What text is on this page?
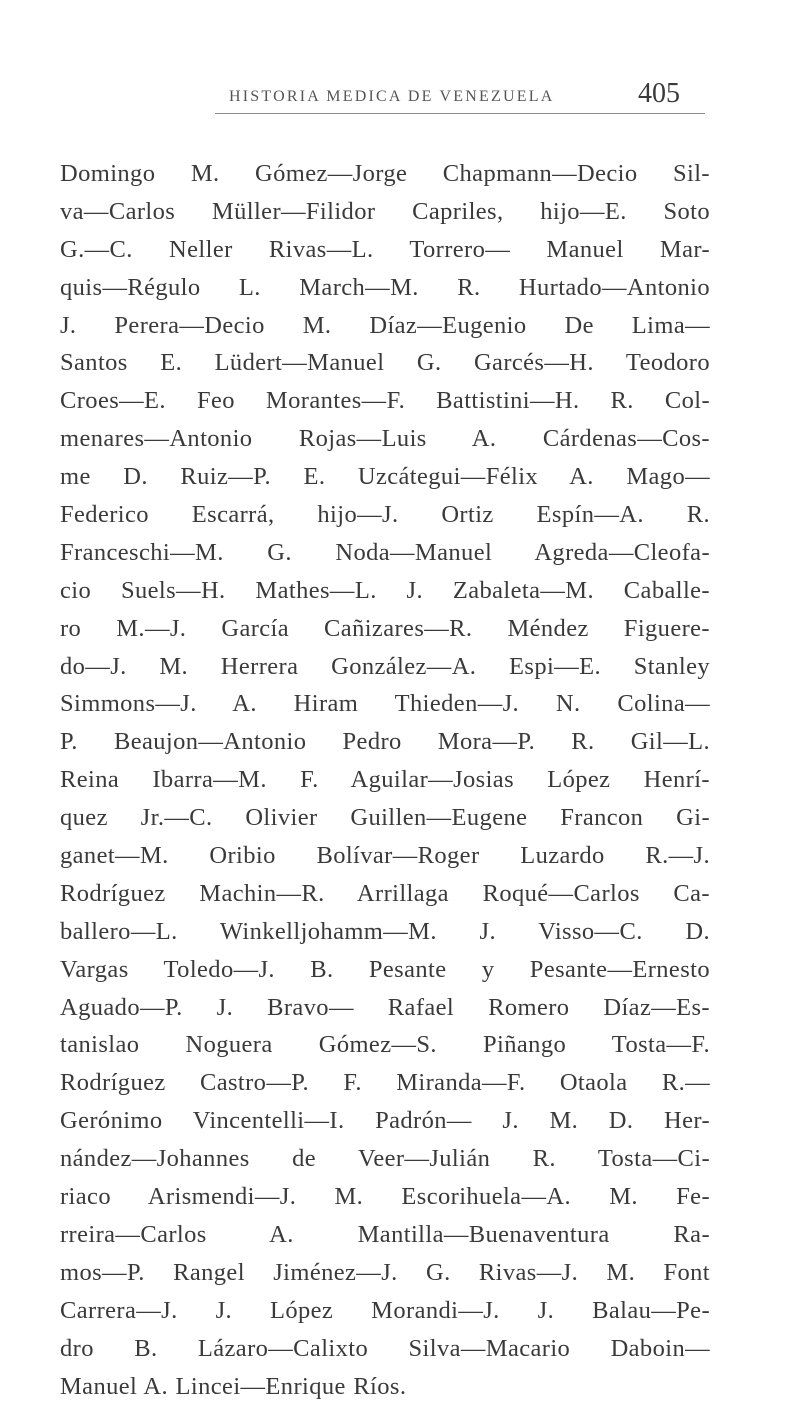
HISTORIA MEDICA DE VENEZUELA	405
Domingo M. Gómez—Jorge Chapmann—Decio Sil-
va—Carlos Müller—Filidor Capriles, hijo—E. Soto
G.—C. Neller Rivas—L. Torrero— Manuel Mar-
quis—Régulo L. March—M. R. Hurtado—Antonio
J. Perera—Decio M. Díaz—Eugenio De Lima—
Santos E. Lüdert—Manuel G. Garcés—H. Teodoro
Croes—E. Feo Morantes—F. Battistini—H. R. Col-
menares—Antonio Rojas—Luis A. Cárdenas—Cos-
me D. Ruiz—P. E. Uzcátegui—Félix A. Mago—
Federico Escarrá, hijo—J. Ortiz Espín—A. R.
Franceschi—M. G. Noda—Manuel Agreda—Cleofa-
cio Suels—H. Mathes—L. J. Zabaleta—M. Caballe-
ro M.—J. García Cañizares—R. Méndez Figuere-
do—J. M. Herrera González—A. Espi—E. Stanley
Simmons—J. A. Hiram Thieden—J. N. Colina—
P. Beaujon—Antonio Pedro Mora—P. R. Gil—L.
Reina Ibarra—M. F. Aguilar—Josias López Henrí-
quez Jr.—C. Olivier Guillen—Eugene Francon Gi-
ganet—M. Oribio Bolívar—Roger Luzardo R.—J.
Rodríguez Machin—R. Arrillaga Roqué—Carlos Ca-
ballero—L. Winkelljohamm—M. J. Visso—C. D.
Vargas Toledo—J. B. Pesante y Pesante—Ernesto
Aguado—P. J. Bravo— Rafael Romero Díaz—Es-
tanislao Noguera Gómez—S. Piñango Tosta—F.
Rodríguez Castro—P. F. Miranda—F. Otaola R.—
Gerónimo Vincentelli—I. Padrón— J. M. D. Her-
nández—Johannes de Veer—Julián R. Tosta—Ci-
riaco Arismendi—J. M. Escorihuela—A. M. Fe-
rreira—Carlos A. Mantilla—Buenaventura Ra-
mos—P. Rangel Jiménez—J. G. Rivas—J. M. Font
Carrera—J. J. López Morandi—J. J. Balau—Pe-
dro B. Lázaro—Calixto Silva—Macario Daboin—
Manuel A. Lincei—Enrique Ríos.
